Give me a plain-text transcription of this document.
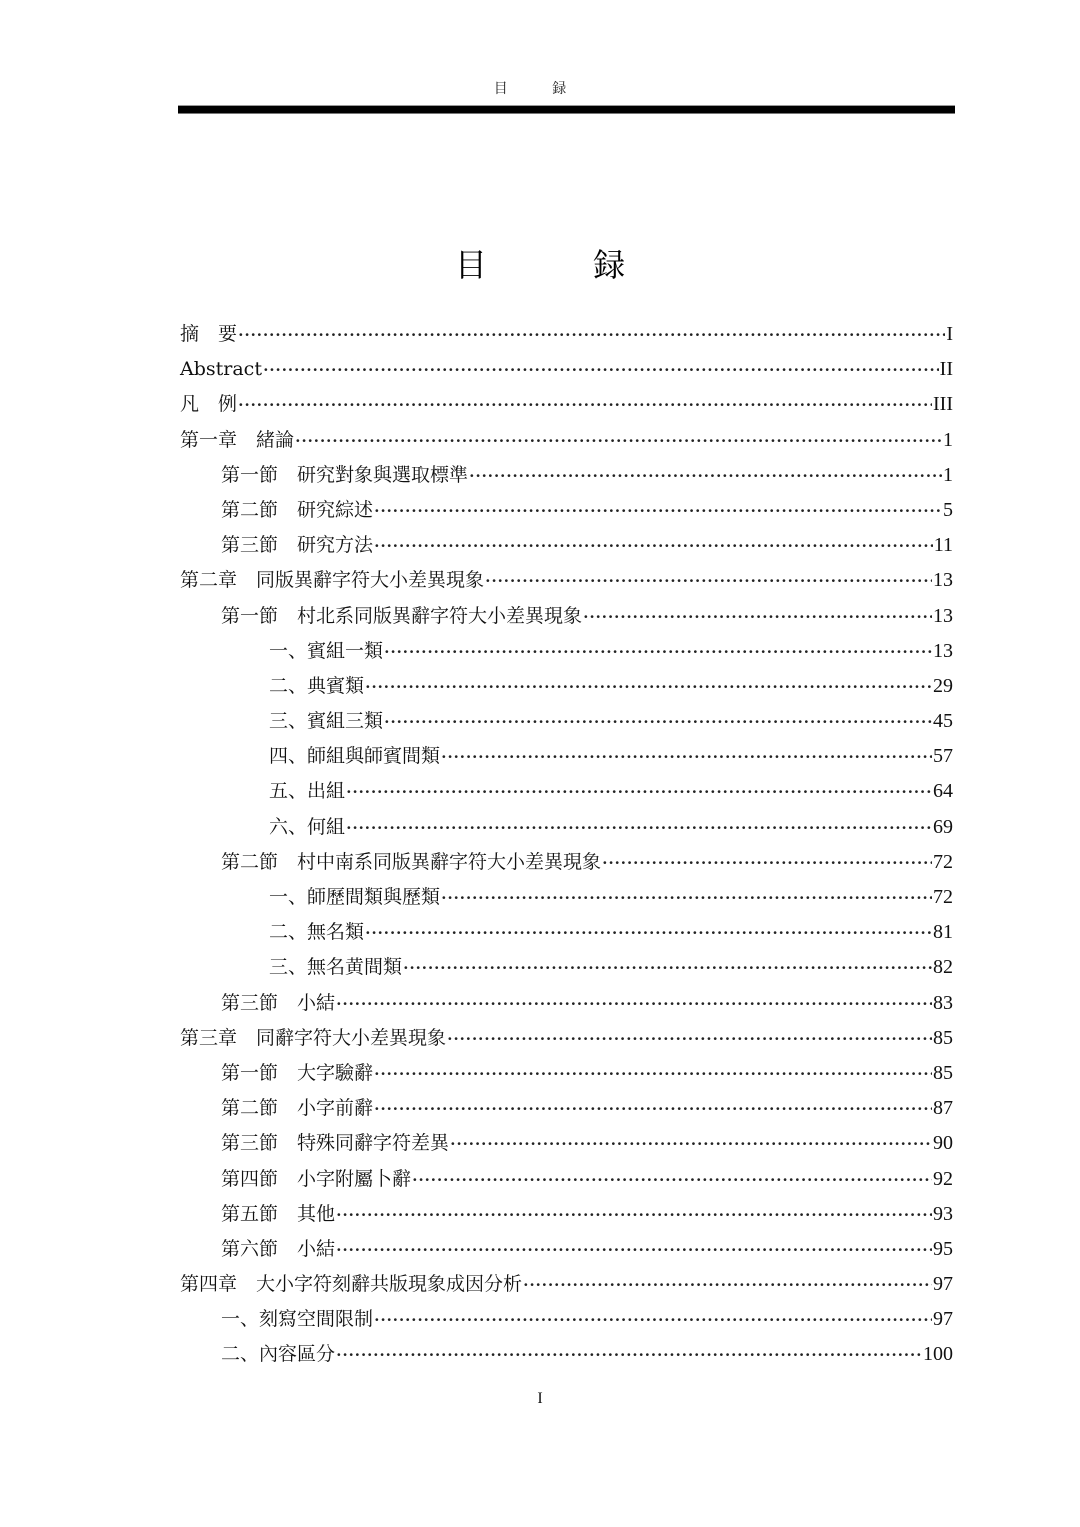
目 録
目 録
摘　 要 ·····	I
Abstract ·····	II
凡　 例 ·····	III
第一章　 緒論 ·····	1
第一節　 研究對象與選取標準 ·····	1
第二節　 研究綜述 ·····	5
第三節　 研究方法 ·····	11
第二章　 同版異辭字符大小差異現象 ·····	13
第一節　 村北系同版異辭字符大小差異現象 ·····	13
一、賓組一類 ·····	13
二、典賓類 ·····	29
三、賓組三類 ·····	45
四、師組與師賓間類 ·····	57
五、出組 ·····	64
六、何組 ·····	69
第二節　 村中南系同版異辭字符大小差異現象 ·····	72
一、師歷間類與歷類 ·····	72
二、無名類 ·····	81
三、無名黄間類 ·····	82
第三節　 小結 ·····	83
第三章　 同辭字符大小差異現象 ·····	85
第一節　 大字驗辭 ·····	85
第二節　 小字前辭 ·····	87
第三節　 特殊同辭字符差異 ·····	90
第四節　 小字附屬卜辭 ·····	92
第五節　 其他 ·····	93
第六節　 小結 ·····	95
第四章　 大小字符刻辭共版現象成因分析 ·····	97
一、刻寫空間限制 ·····	97
二、內容區分 ·····	100
I
